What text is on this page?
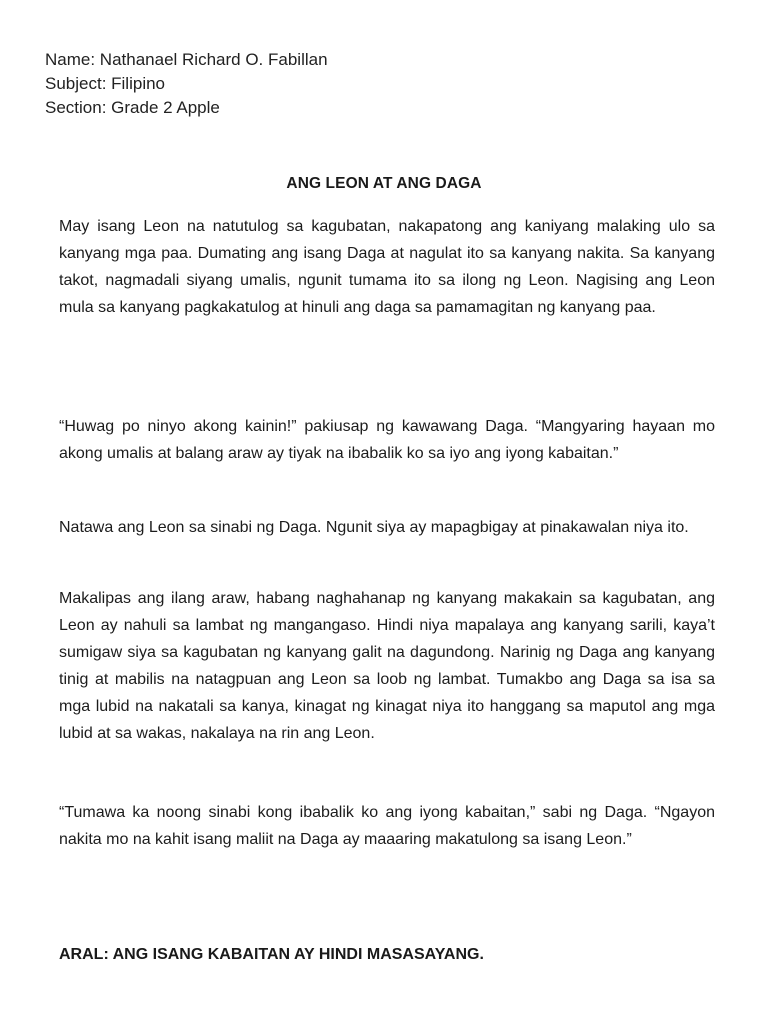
Name: Nathanael Richard O. Fabillan
Subject: Filipino
Section: Grade 2 Apple
ANG LEON AT ANG DAGA

May isang Leon na natutulog sa kagubatan, nakapatong ang kaniyang malaking ulo sa kanyang mga paa. Dumating ang isang Daga at nagulat ito sa kanyang nakita. Sa kanyang takot, nagmadali siyang umalis, ngunit tumama ito sa ilong ng Leon. Nagising ang Leon mula sa kanyang pagkakatulog at hinuli ang daga sa pamamagitan ng kanyang paa.

“Huwag po ninyo akong kainin!” pakiusap ng kawawang Daga. “Mangyaring hayaan mo akong umalis at balang araw ay tiyak na ibabalik ko sa iyo ang iyong kabaitan.”

Natawa ang Leon sa sinabi ng Daga. Ngunit siya ay mapagbigay at pinakawalan niya ito.

Makalipas ang ilang araw, habang naghahanap ng kanyang makakain sa kagubatan, ang Leon ay nahuli sa lambat ng mangangaso. Hindi niya mapalaya ang kanyang sarili, kaya’t sumigaw siya sa kagubatan ng kanyang galit na dagundong. Narinig ng Daga ang kanyang tinig at mabilis na natagpuan ang Leon sa loob ng lambat. Tumakbo ang Daga sa isa sa mga lubid na nakatali sa kanya, kinagat ng kinagat niya ito hanggang sa maputol ang mga lubid at sa wakas, nakalaya na rin ang Leon.

“Tumawa ka noong sinabi kong ibabalik ko ang iyong kabaitan,” sabi ng Daga. “Ngayon nakita mo na kahit isang maliit na Daga ay maaaring makatulong sa isang Leon.”

ARAL: ANG ISANG KABAITAN AY HINDI MASASAYANG.
